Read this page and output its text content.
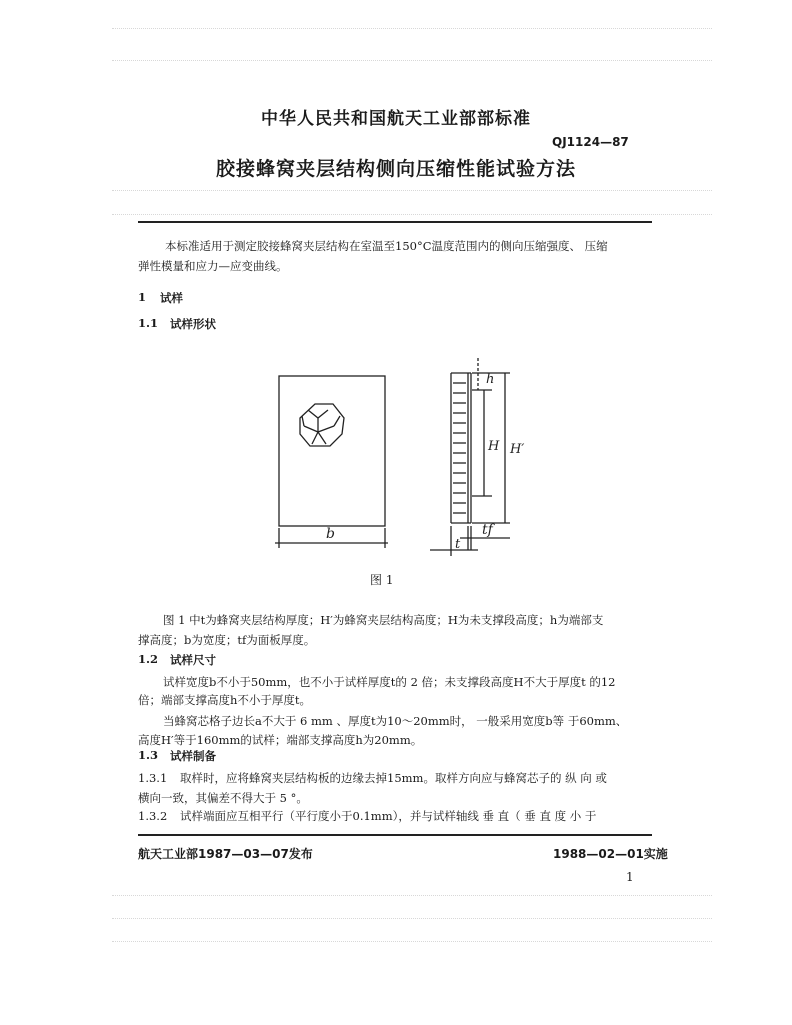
中华人民共和国航天工业部部标准
QJ1124—87
胶接蜂窝夹层结构侧向压缩性能试验方法
本标准适用于测定胶接蜂窝夹层结构在室温至150°C温度范围内的侧向压缩强度、 压缩
弹性模量和应力—应变曲线。
1 试样
1.1 试样形状
b
h
H H′
tf
t
图 1
图 1 中t为蜂窝夹层结构厚度；H′为蜂窝夹层结构高度；H为未支撑段高度；h为端部支
撑高度；b为宽度；tf为面板厚度。
1.2 试样尺寸
试样宽度b不小于50mm，也不小于试样厚度t的 2 倍；未支撑段高度H不大于厚度t 的12
倍；端部支撑高度h不小于厚度t。
当蜂窝芯格子边长a不大于 6 mm 、厚度t为10～20mm时， 一般采用宽度b等 于60mm、
高度H′等于160mm的试样；端部支撑高度h为20mm。
1.3 试样制备
1.3.1 取样时，应将蜂窝夹层结构板的边缘去掉15mm。取样方向应与蜂窝芯子的 纵 向 或
横向一致，其偏差不得大于 5 °。
1.3.2 试样端面应互相平行（平行度小于0.1mm），并与试样轴线 垂 直（ 垂 直 度 小 于
航天工业部1987—03—07发布	1988—02—01实施
1
